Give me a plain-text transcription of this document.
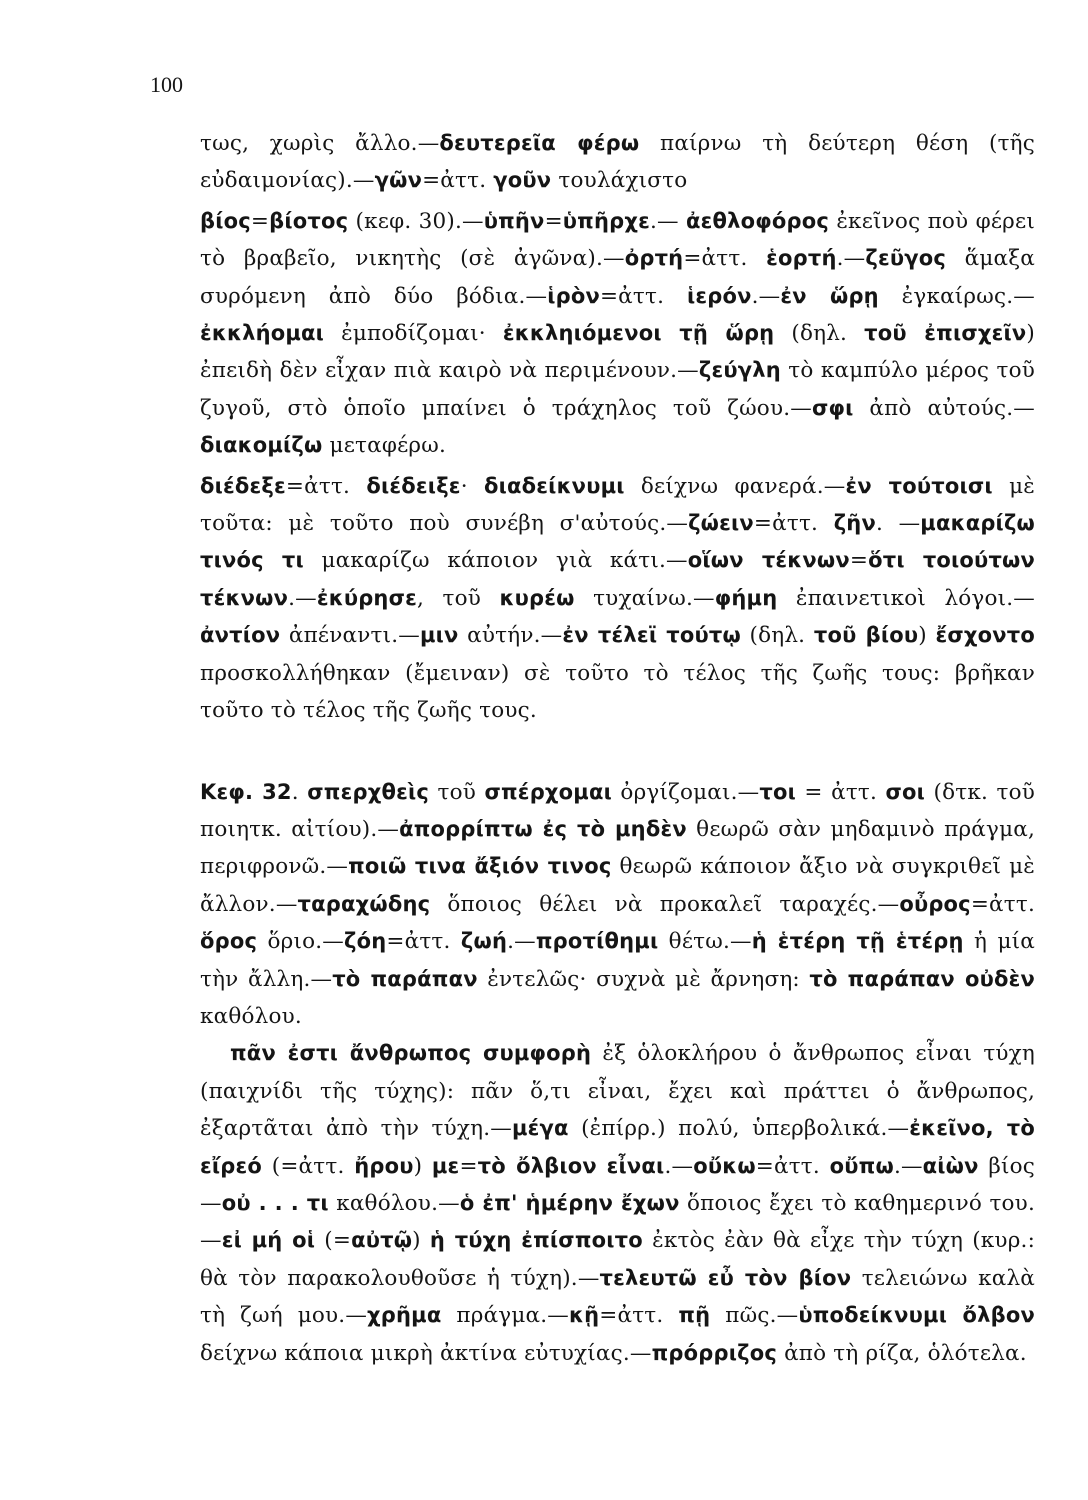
100

τως, χωρὶς ἄλλο.—δευτερεῖα φέρω παίρνω τὴ δεύτερη θέση (τῆς εὐδαιμονίας).—γῶν=ἀττ. γοῦν τουλάχιστο

βίος=βίοτος (κεφ. 30).—ὑπῆν=ὑπῆρχε.— ἀεθλοφόρος ἐκεῖνος ποὺ φέρει τὸ βραβεῖο, νικητὴς (σὲ ἀγῶνα).—ὀρτή=ἀττ. ἑορτή.—ζεῦγος ἅμαξα συρόμενη ἀπὸ δύο βόδια.—ἱρὸν=ἀττ. ἱερόν.—ἐν ὥρῃ ἐγκαίρως.—ἐκκλήομαι ἐμποδίζομαι· ἐκκληιόμενοι τῇ ὥρῃ (δηλ. τοῦ ἐπισχεῖν) ἐπειδὴ δὲν εἶχαν πιὰ καιρὸ νὰ περιμένουν.—ζεύγλη τὸ καμπύλο μέρος τοῦ ζυγοῦ, στὸ ὁποῖο μπαίνει ὁ τράχηλος τοῦ ζώου.—σφι ἀπὸ αὐτούς.—διακομίζω μεταφέρω.

διέδεξε=ἀττ. διέδειξε· διαδείκνυμι δείχνω φανερά.—ἐν τούτοισι μὲ τοῦτα: μὲ τοῦτο ποὺ συνέβη σ'αὐτούς.—ζώειν=ἀττ. ζῆν. —μακαρίζω τινός τι μακαρίζω κάποιον γιὰ κάτι.—οἵων τέκνων=ὅτι τοιούτων τέκνων.—ἐκύρησε, τοῦ κυρέω τυχαίνω.—φήμη ἐπαινετικοὶ λόγοι.—ἀντίον ἀπέναντι.—μιν αὐτήν.—ἐν τέλεϊ τούτῳ (δηλ. τοῦ βίου) ἔσχοντο προσκολλήθηκαν (ἔμειναν) σὲ τοῦτο τὸ τέλος τῆς ζωῆς τους: βρῆκαν τοῦτο τὸ τέλος τῆς ζωῆς τους.

Κεφ. 32. σπερχθεὶς τοῦ σπέρχομαι ὀργίζομαι.—τοι = ἀττ. σοι (δτκ. τοῦ ποιητκ. αἰτίου).—ἀπορρίπτω ἐς τὸ μηδὲν θεωρῶ σὰν μηδαμινὸ πράγμα, περιφρονῶ.—ποιῶ τινα ἄξιόν τινος θεωρῶ κάποιον ἄξιο νὰ συγκριθεῖ μὲ ἄλλον.—ταραχώδης ὅποιος θέλει νὰ προκαλεῖ ταραχές.—οὖρος=ἀττ. ὅρος ὅριο.—ζόη=ἀττ. ζωή.—προτίθημι θέτω.—ἡ ἑτέρη τῇ ἑτέρῃ ἡ μία τὴν ἄλλη.—τὸ παράπαν ἐντελῶς· συχνὰ μὲ ἄρνηση: τὸ παράπαν οὐδὲν καθόλου.

πᾶν ἐστι ἄνθρωπος συμφορὴ ἐξ ὁλοκλήρου ὁ ἄνθρωπος εἶναι τύχη (παιχνίδι τῆς τύχης): πᾶν ὅ,τι εἶναι, ἔχει καὶ πράττει ὁ ἄνθρωπος, ἐξαρτᾶται ἀπὸ τὴν τύχη.—μέγα (ἐπίρρ.) πολύ, ὑπερβολικά.—ἐκεῖνο, τὸ εἴρεό (=ἀττ. ἤρου) με=τὸ ὄλβιον εἶναι.—οὔκω=ἀττ. οὔπω.—αἰὼν βίος—οὐ . . . τι καθόλου.—ὁ ἐπ' ἡμέρην ἔχων ὅποιος ἔχει τὸ καθημερινό του.—εἰ μή οἱ (=αὐτῷ) ἡ τύχη ἐπίσποιτο ἐκτὸς ἐὰν θὰ εἶχε τὴν τύχη (κυρ.: θὰ τὸν παρακολουθοῦσε ἡ τύχη).—τελευτῶ εὖ τὸν βίον τελειώνω καλὰ τὴ ζωή μου.—χρῆμα πράγμα.—κῇ=ἀττ. πῇ πῶς.—ὑποδείκνυμι ὄλβον δείχνω κάποια μικρὴ ἀκτίνα εὐτυχίας.—πρόρριζος ἀπὸ τὴ ρίζα, ὁλότελα.
